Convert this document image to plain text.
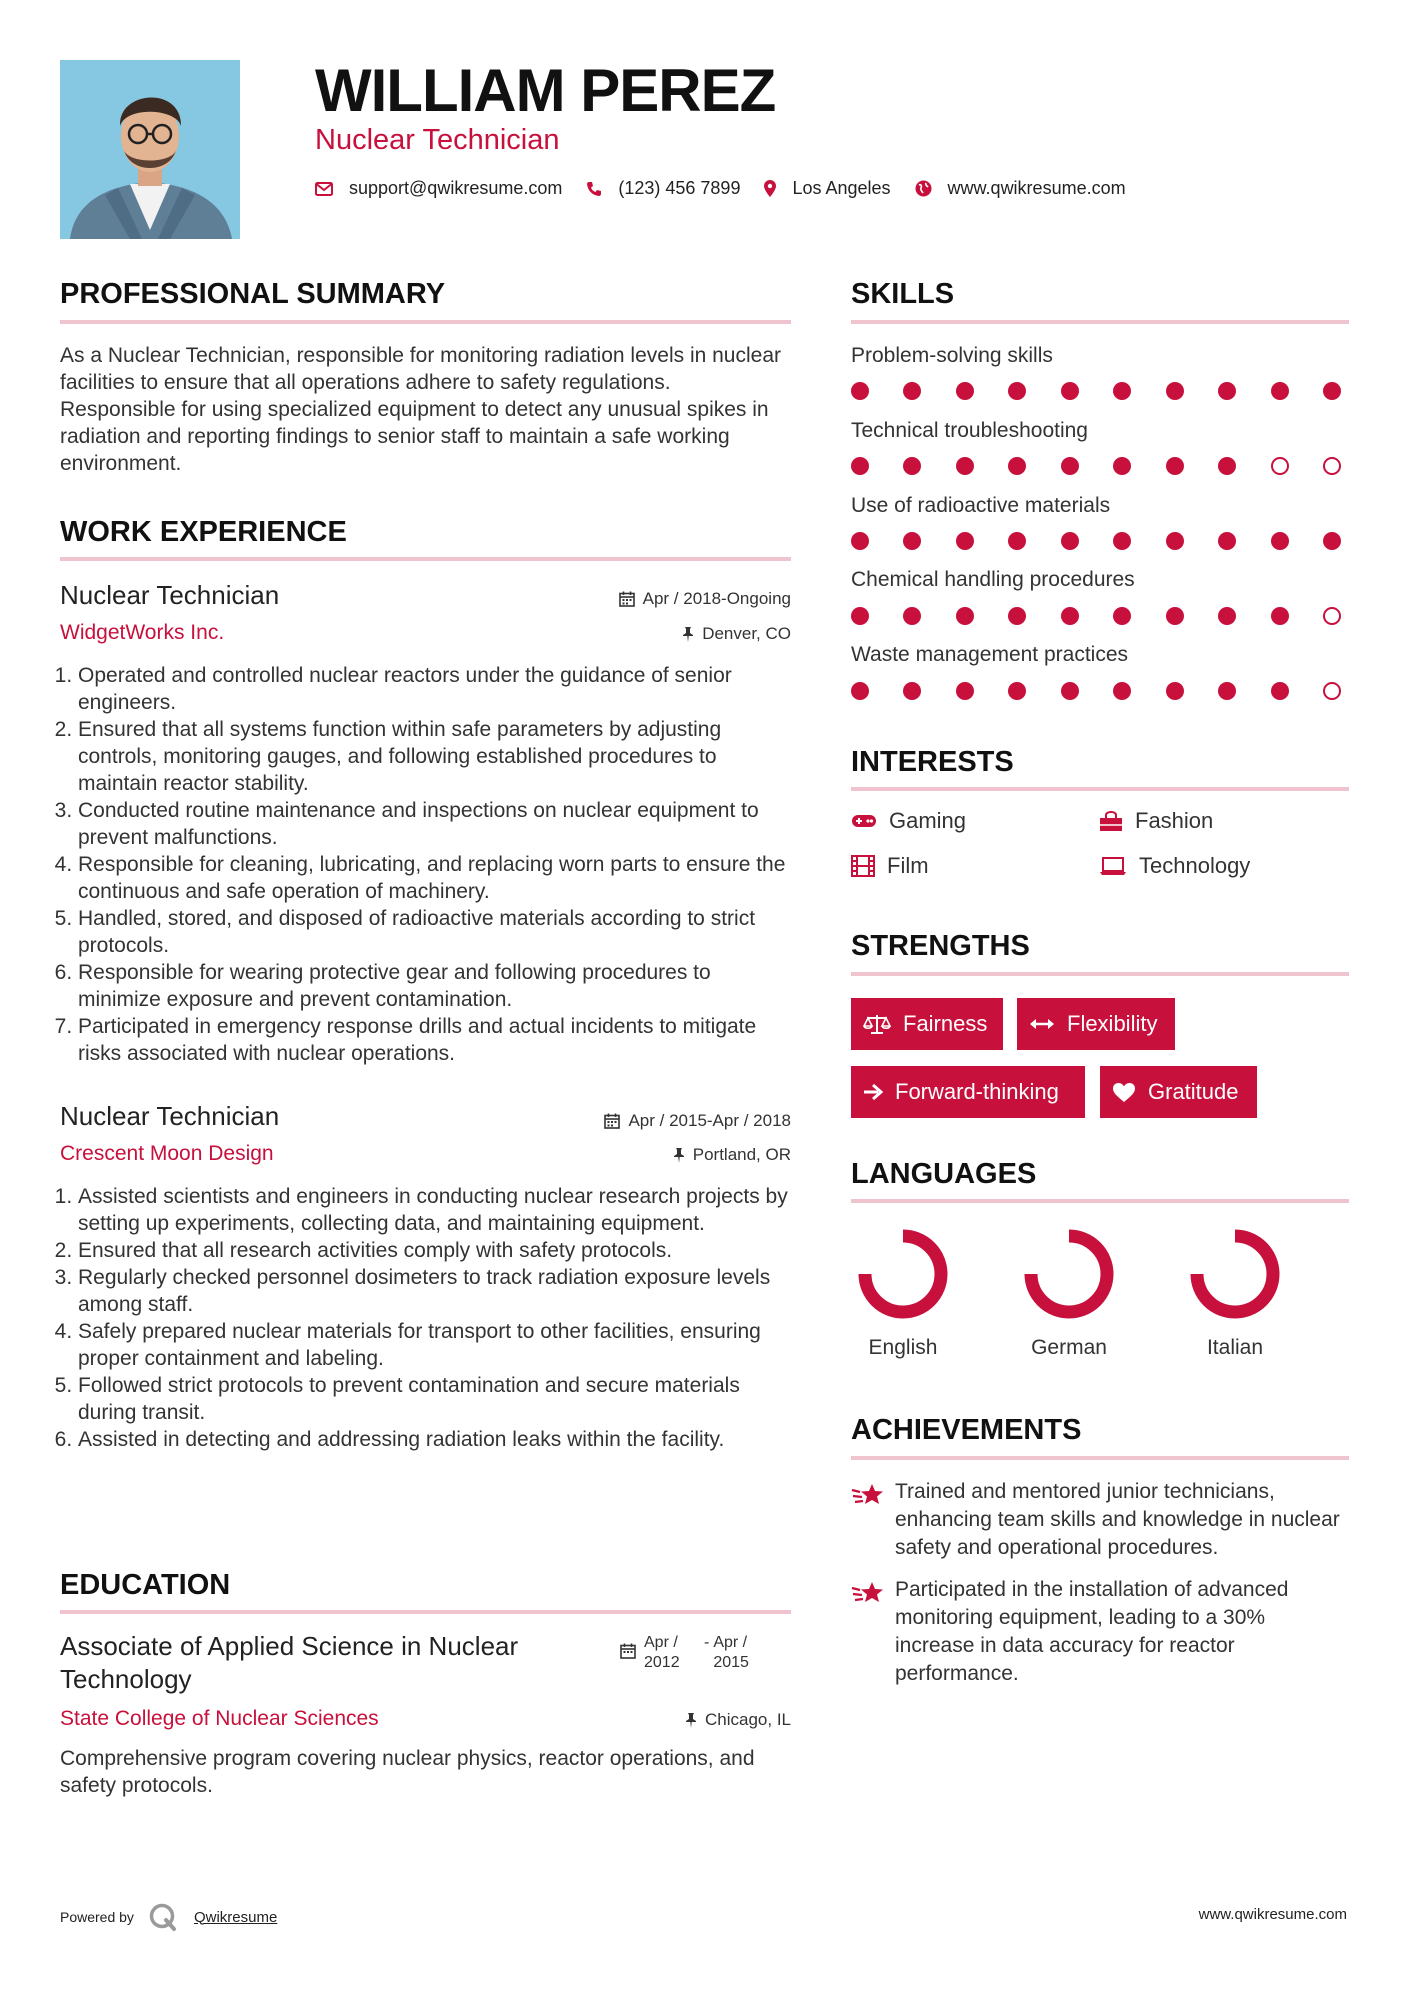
WILLIAM PEREZ
Nuclear Technician
support@qwikresume.com	(123) 456 7899	Los Angeles	www.qwikresume.com
PROFESSIONAL SUMMARY
As a Nuclear Technician, responsible for monitoring radiation levels in nuclear facilities to ensure that all operations adhere to safety regulations. Responsible for using specialized equipment to detect any unusual spikes in radiation and reporting findings to senior staff to maintain a safe working environment.
WORK EXPERIENCE
Nuclear Technician	Apr / 2018-Ongoing
WidgetWorks Inc.	Denver, CO
1. Operated and controlled nuclear reactors under the guidance of senior engineers.
2. Ensured that all systems function within safe parameters by adjusting controls, monitoring gauges, and following established procedures to maintain reactor stability.
3. Conducted routine maintenance and inspections on nuclear equipment to prevent malfunctions.
4. Responsible for cleaning, lubricating, and replacing worn parts to ensure the continuous and safe operation of machinery.
5. Handled, stored, and disposed of radioactive materials according to strict protocols.
6. Responsible for wearing protective gear and following procedures to minimize exposure and prevent contamination.
7. Participated in emergency response drills and actual incidents to mitigate risks associated with nuclear operations.
Nuclear Technician	Apr / 2015-Apr / 2018
Crescent Moon Design	Portland, OR
1. Assisted scientists and engineers in conducting nuclear research projects by setting up experiments, collecting data, and maintaining equipment.
2. Ensured that all research activities comply with safety protocols.
3. Regularly checked personnel dosimeters to track radiation exposure levels among staff.
4. Safely prepared nuclear materials for transport to other facilities, ensuring proper containment and labeling.
5. Followed strict protocols to prevent contamination and secure materials during transit.
6. Assisted in detecting and addressing radiation leaks within the facility.
EDUCATION
Associate of Applied Science in Nuclear Technology
Apr / 2012
- Apr / 2015
State College of Nuclear Sciences	Chicago, IL
Comprehensive program covering nuclear physics, reactor operations, and safety protocols.
SKILLS
Problem-solving skills
Technical troubleshooting
Use of radioactive materials
Chemical handling procedures
Waste management practices
INTERESTS
Gaming	Fashion
Film	Technology
STRENGTHS
Fairness	Flexibility
Forward-thinking	Gratitude
LANGUAGES
English	German	Italian
ACHIEVEMENTS
Trained and mentored junior technicians, enhancing team skills and knowledge in nuclear safety and operational procedures.
Participated in the installation of advanced monitoring equipment, leading to a 30% increase in data accuracy for reactor performance.
Powered by	Qwikresume	www.qwikresume.com
